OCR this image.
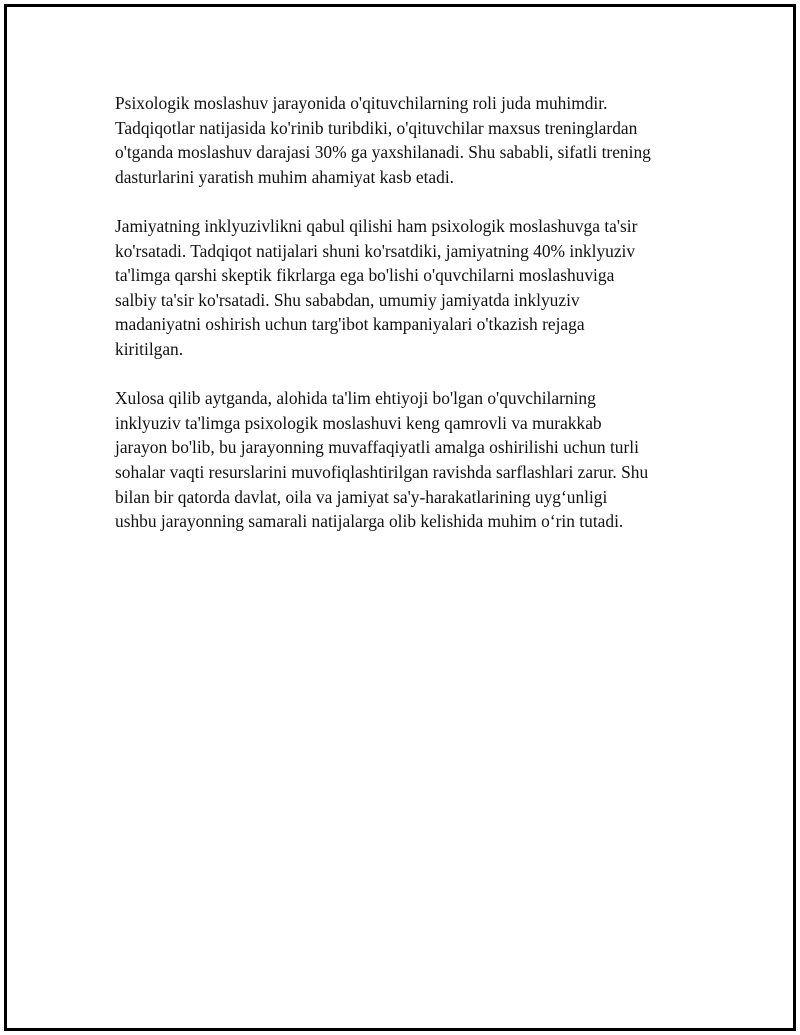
Psixologik moslashuv jarayonida o'qituvchilarning roli juda muhimdir.
Tadqiqotlar natijasida ko'rinib turibdiki, o'qituvchilar maxsus treninglardan
o'tganda moslashuv darajasi 30% ga yaxshilanadi. Shu sababli, sifatli trening
dasturlarini yaratish muhim ahamiyat kasb etadi.

Jamiyatning inklyuzivlikni qabul qilishi ham psixologik moslashuvga ta'sir
ko'rsatadi. Tadqiqot natijalari shuni ko'rsatdiki, jamiyatning 40% inklyuziv
ta'limga qarshi skeptik fikrlarga ega bo'lishi o'quvchilarni moslashuviga
salbiy ta'sir ko'rsatadi. Shu sababdan, umumiy jamiyatda inklyuziv
madaniyatni oshirish uchun targ'ibot kampaniyalari o'tkazish rejaga
kiritilgan.

Xulosa qilib aytganda, alohida ta'lim ehtiyoji bo'lgan o'quvchilarning
inklyuziv ta'limga psixologik moslashuvi keng qamrovli va murakkab
jarayon bo'lib, bu jarayonning muvaffaqiyatli amalga oshirilishi uchun turli
sohalar vaqti resurslarini muvofiqlashtirilgan ravishda sarflashlari zarur. Shu
bilan bir qatorda davlat, oila va jamiyat sa'y-harakatlarining uyg‘unligi
ushbu jarayonning samarali natijalarga olib kelishida muhim o‘rin tutadi.
